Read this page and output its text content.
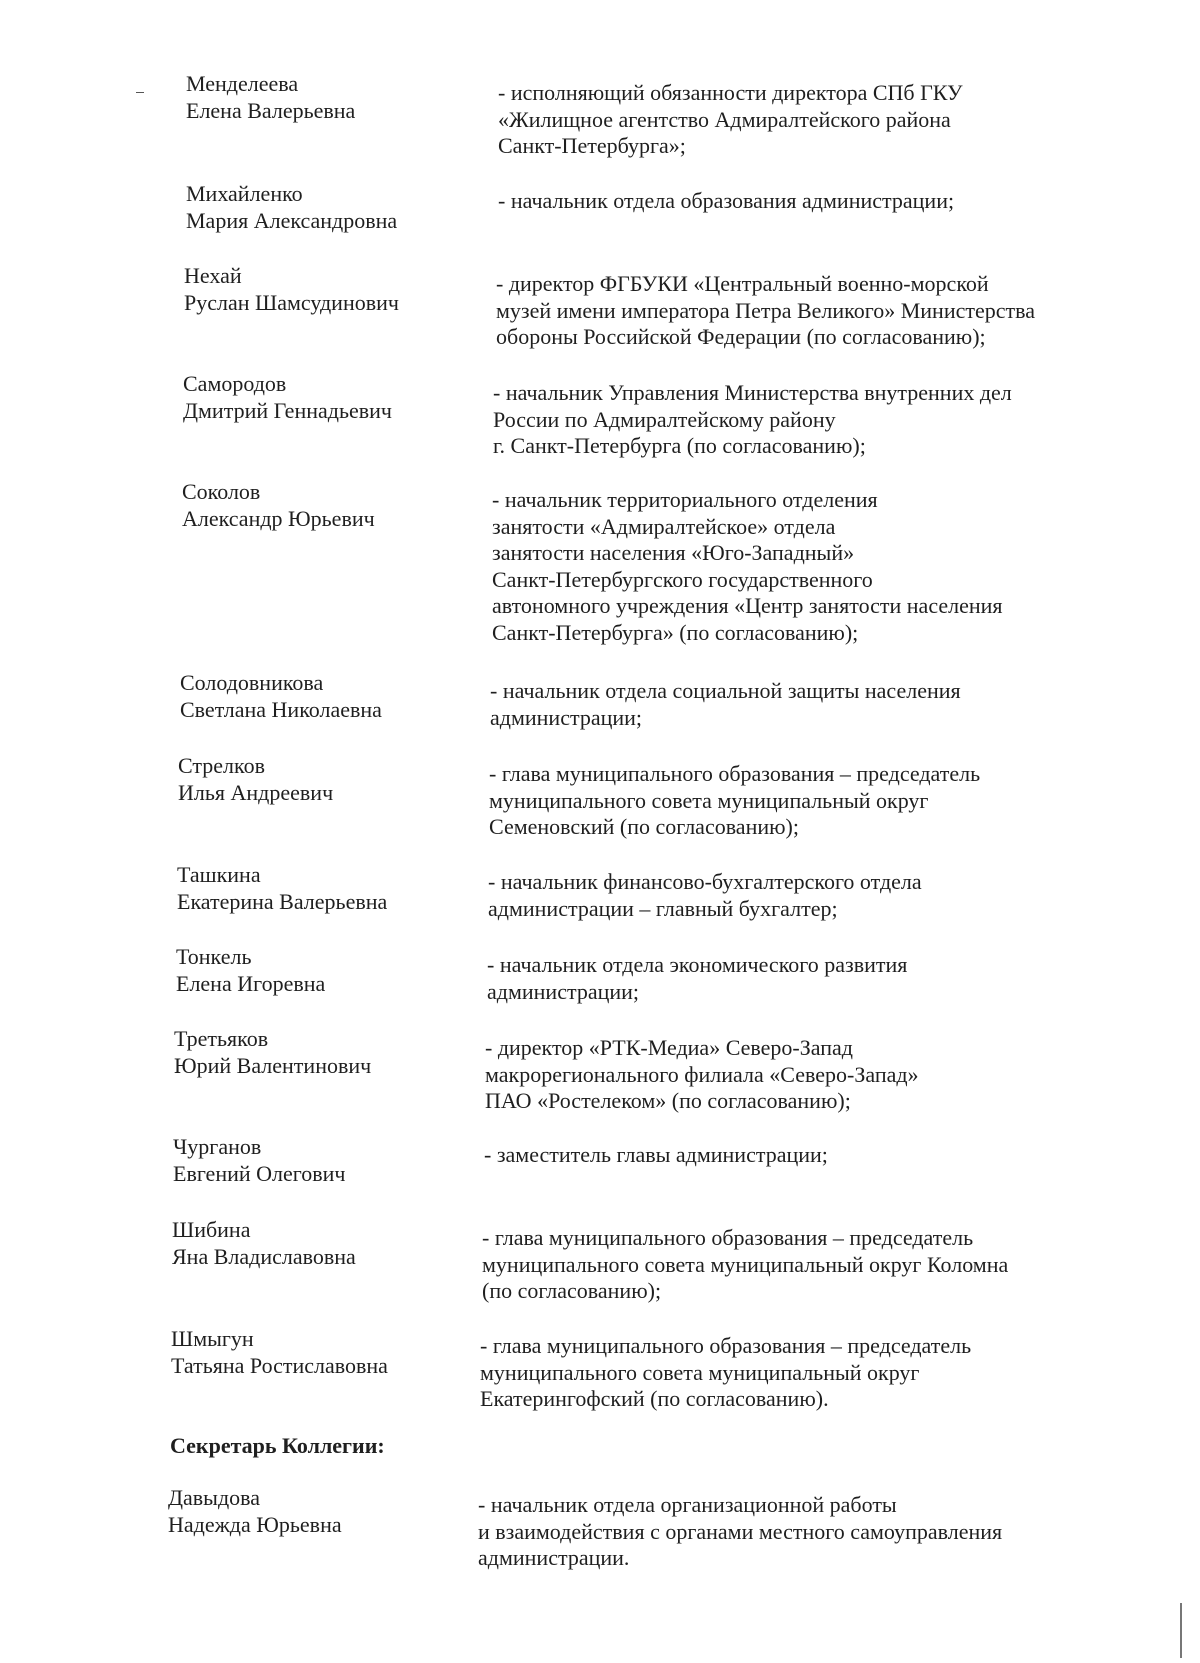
Менделеева
Елена Валерьевна
- исполняющий обязанности директора СПб ГКУ
«Жилищное агентство Адмиралтейского района
Санкт-Петербурга»;
Михайленко
Мария Александровна
- начальник отдела образования администрации;
Нехай
Руслан Шамсудинович
- директор ФГБУКИ «Центральный военно-морской
музей имени императора Петра Великого» Министерства
обороны Российской Федерации (по согласованию);
Самородов
Дмитрий Геннадьевич
- начальник Управления Министерства внутренних дел
России по Адмиралтейскому району
г. Санкт-Петербурга (по согласованию);
Соколов
Александр Юрьевич
- начальник территориального отделения
занятости «Адмиралтейское» отдела
занятости населения «Юго-Западный»
Санкт-Петербургского государственного
автономного учреждения «Центр занятости населения
Санкт-Петербурга» (по согласованию);
Солодовникова
Светлана Николаевна
- начальник отдела социальной защиты населения
администрации;
Стрелков
Илья Андреевич
- глава муниципального образования – председатель
муниципального совета муниципальный округ
Семеновский (по согласованию);
Ташкина
Екатерина Валерьевна
- начальник финансово-бухгалтерского отдела
администрации – главный бухгалтер;
Тонкель
Елена Игоревна
- начальник отдела экономического развития
администрации;
Третьяков
Юрий Валентинович
- директор «РТК-Медиа» Северо-Запад
макрорегионального филиала «Северо-Запад»
ПАО «Ростелеком» (по согласованию);
Чурганов
Евгений Олегович
- заместитель главы администрации;
Шибина
Яна Владиславовна
- глава муниципального образования – председатель
муниципального совета муниципальный округ Коломна
(по согласованию);
Шмыгун
Татьяна Ростиславовна
- глава муниципального образования – председатель
муниципального совета муниципальный округ
Екатерингофский (по согласованию).
Секретарь Коллегии:
Давыдова
Надежда Юрьевна
- начальник отдела организационной работы
и взаимодействия с органами местного самоуправления
администрации.
